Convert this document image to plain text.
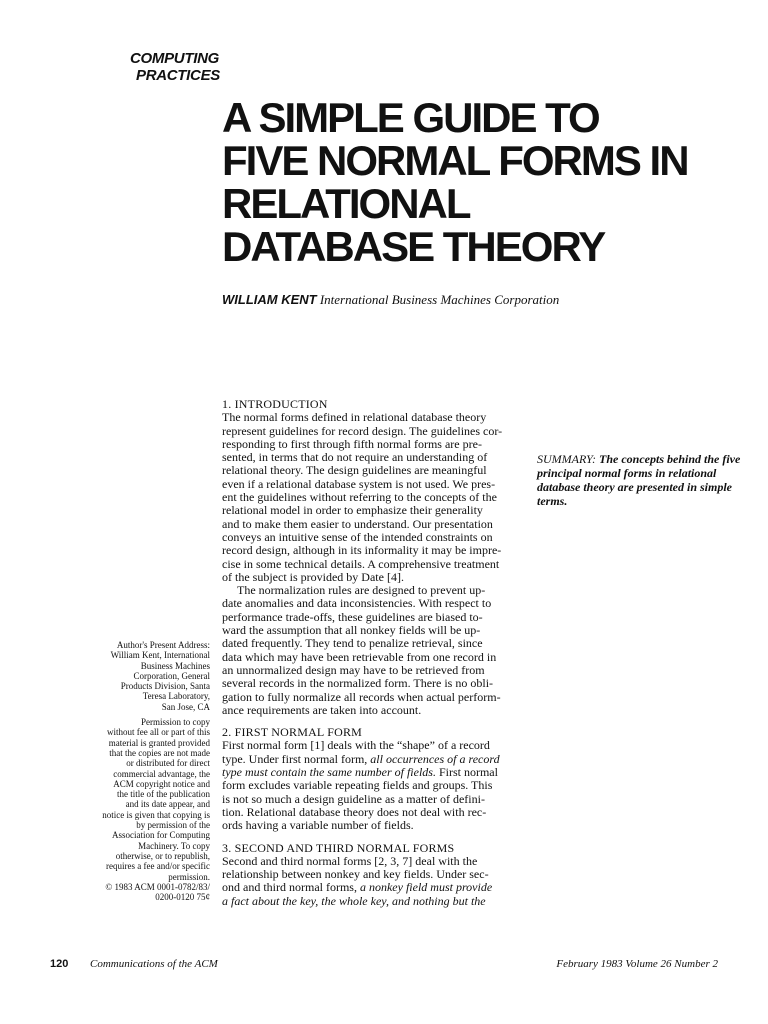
COMPUTING
PRACTICES
A SIMPLE GUIDE TO
FIVE NORMAL FORMS IN
RELATIONAL
DATABASE THEORY
WILLIAM KENT International Business Machines Corporation
SUMMARY: The concepts behind the five principal normal forms in relational database theory are presented in simple terms.
1. INTRODUCTION
The normal forms defined in relational database theory
represent guidelines for record design. The guidelines cor-
responding to first through fifth normal forms are pre-
sented, in terms that do not require an understanding of
relational theory. The design guidelines are meaningful
even if a relational database system is not used. We pres-
ent the guidelines without referring to the concepts of the
relational model in order to emphasize their generality
and to make them easier to understand. Our presentation
conveys an intuitive sense of the intended constraints on
record design, although in its informality it may be impre-
cise in some technical details. A comprehensive treatment
of the subject is provided by Date [4].
The normalization rules are designed to prevent up-
date anomalies and data inconsistencies. With respect to
performance trade-offs, these guidelines are biased to-
ward the assumption that all nonkey fields will be up-
dated frequently. They tend to penalize retrieval, since
data which may have been retrievable from one record in
an unnormalized design may have to be retrieved from
several records in the normalized form. There is no obli-
gation to fully normalize all records when actual perform-
ance requirements are taken into account.
2. FIRST NORMAL FORM
First normal form [1] deals with the “shape” of a record
type. Under first normal form, all occurrences of a record
type must contain the same number of fields. First normal
form excludes variable repeating fields and groups. This
is not so much a design guideline as a matter of defini-
tion. Relational database theory does not deal with rec-
ords having a variable number of fields.
3. SECOND AND THIRD NORMAL FORMS
Second and third normal forms [2, 3, 7] deal with the
relationship between nonkey and key fields. Under sec-
ond and third normal forms, a nonkey field must provide
a fact about the key, the whole key, and nothing but the
Author's Present Address:
William Kent, International
Business Machines
Corporation, General
Products Division, Santa
Teresa Laboratory,
San Jose, CA
Permission to copy
without fee all or part of this
material is granted provided
that the copies are not made
or distributed for direct
commercial advantage, the
ACM copyright notice and
the title of the publication
and its date appear, and
notice is given that copying is
by permission of the
Association for Computing
Machinery. To copy
otherwise, or to republish,
requires a fee and/or specific
permission.
© 1983 ACM 0001-0782/83/
0200-0120 75¢
120 Communications of the ACM	February 1983 Volume 26 Number 2
